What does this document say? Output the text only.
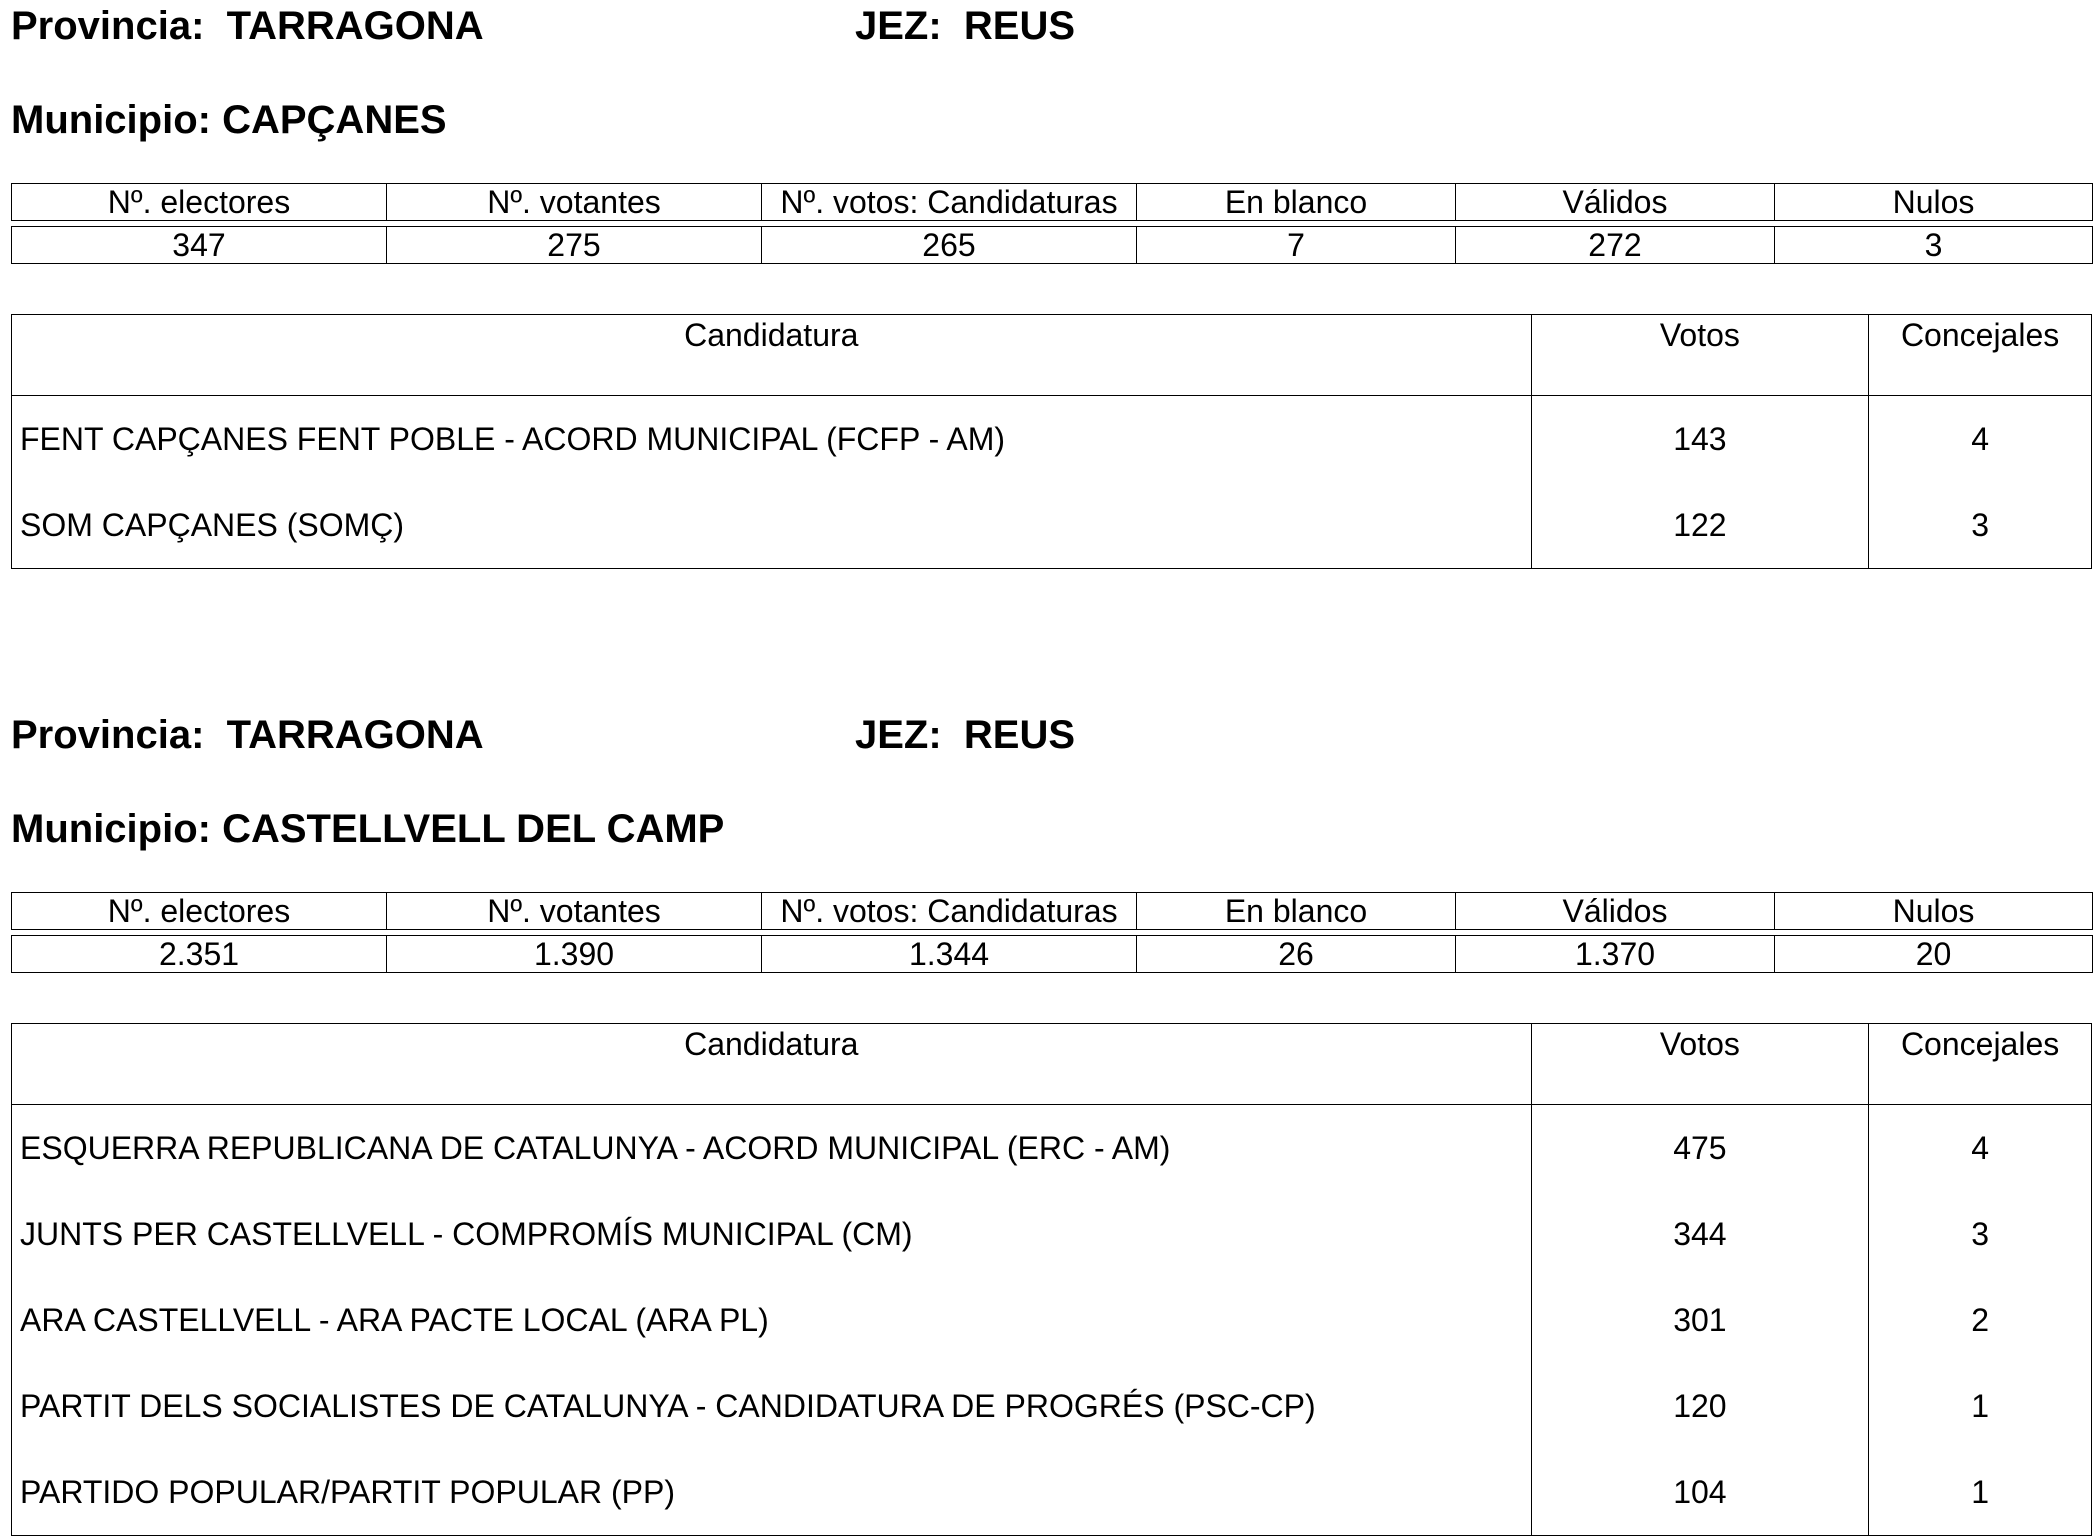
Provincia: TARRAGONA	JEZ: REUS
Municipio: CAPÇANES
Nº. electores	Nº. votantes	Nº. votos: Candidaturas	En blanco	Válidos	Nulos

347	275	265	7	272	3
Candidatura	Votos	Concejales
FENT CAPÇANES FENT POBLE - ACORD MUNICIPAL (FCFP - AM)	143	4
SOM CAPÇANES (SOMÇ)	122	3
Provincia: TARRAGONA	JEZ: REUS
Municipio: CASTELLVELL DEL CAMP
Nº. electores	Nº. votantes	Nº. votos: Candidaturas	En blanco	Válidos	Nulos

2.351	1.390	1.344	26	1.370	20
Candidatura	Votos	Concejales
ESQUERRA REPUBLICANA DE CATALUNYA - ACORD MUNICIPAL (ERC - AM)	475	4
JUNTS PER CASTELLVELL - COMPROMÍS MUNICIPAL (CM)	344	3
ARA CASTELLVELL - ARA PACTE LOCAL (ARA PL)	301	2
PARTIT DELS SOCIALISTES DE CATALUNYA - CANDIDATURA DE PROGRÉS (PSC-CP)	120	1
PARTIDO POPULAR/PARTIT POPULAR (PP)	104	1
